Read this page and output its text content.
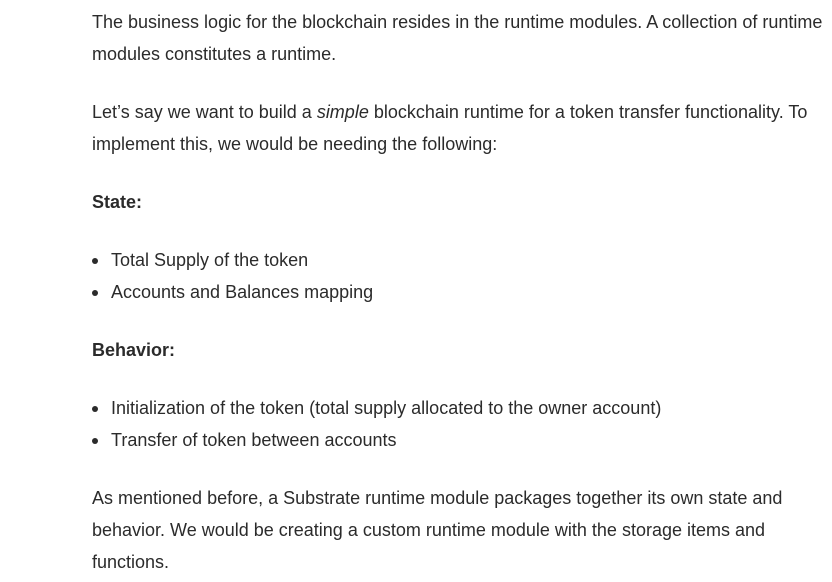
The business logic for the blockchain resides in the runtime modules. A collection of runtime modules constitutes a runtime.

Let’s say we want to build a simple blockchain runtime for a token transfer functionality. To implement this, we would be needing the following:

State:

Total Supply of the token
Accounts and Balances mapping

Behavior:

Initialization of the token (total supply allocated to the owner account)
Transfer of token between accounts

As mentioned before, a Substrate runtime module packages together its own state and behavior. We would be creating a custom runtime module with the storage items and functions.
